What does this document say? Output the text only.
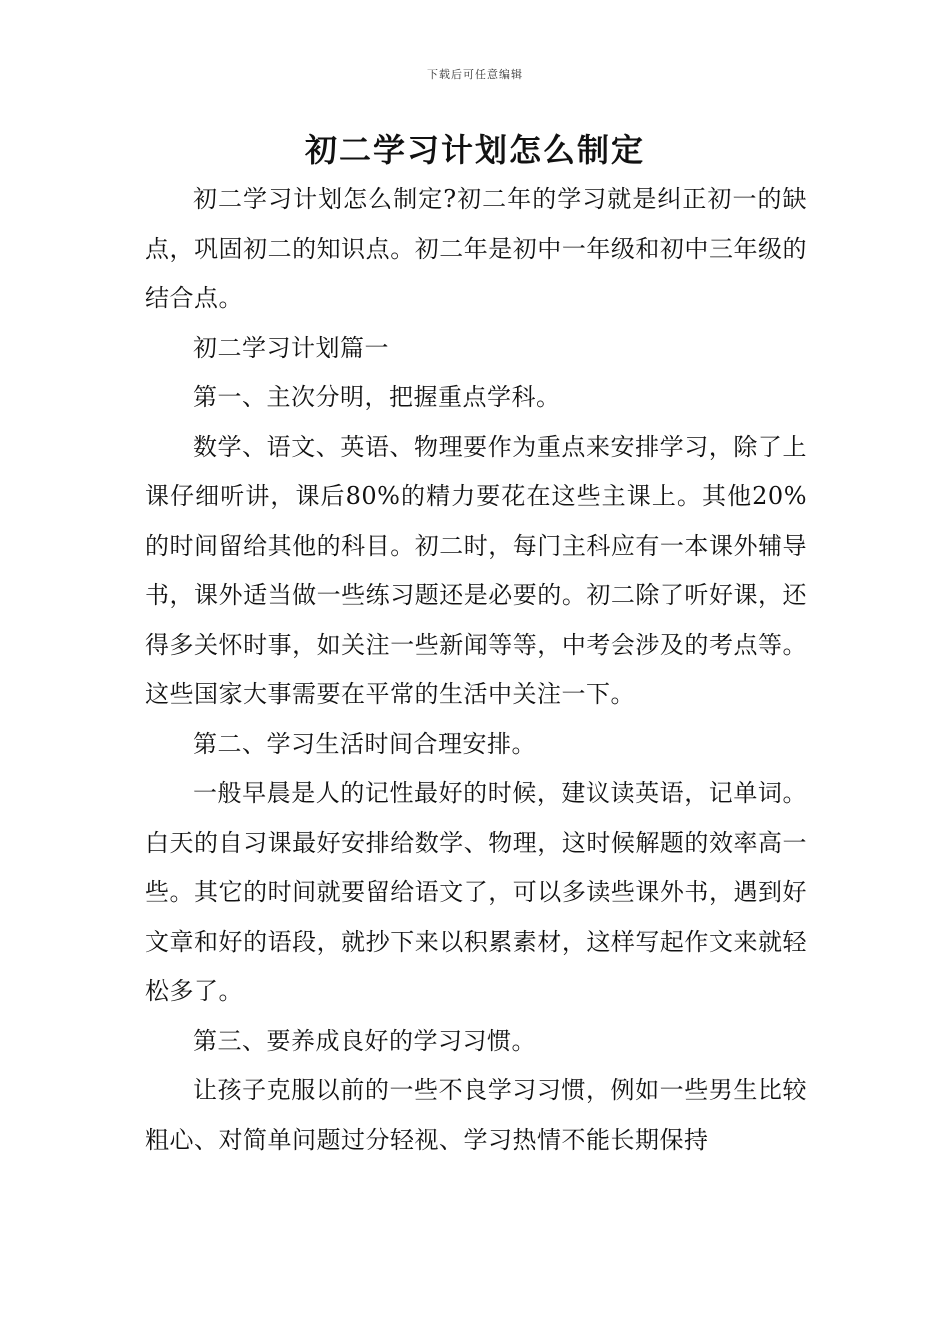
下载后可任意编辑
初二学习计划怎么制定

初二学习计划怎么制定?初二年的学习就是纠正初一的缺点，巩固初二的知识点。初二年是初中一年级和初中三年级的结合点。

初二学习计划篇一

第一、主次分明，把握重点学科。

数学、语文、英语、物理要作为重点来安排学习，除了上课仔细听讲，课后80%的精力要花在这些主课上。其他20%的时间留给其他的科目。初二时，每门主科应有一本课外辅导书，课外适当做一些练习题还是必要的。初二除了听好课，还得多关怀时事，如关注一些新闻等等，中考会涉及的考点等。这些国家大事需要在平常的生活中关注一下。

第二、学习生活时间合理安排。

一般早晨是人的记性最好的时候，建议读英语，记单词。白天的自习课最好安排给数学、物理，这时候解题的效率高一些。其它的时间就要留给语文了，可以多读些课外书，遇到好文章和好的语段，就抄下来以积累素材，这样写起作文来就轻松多了。

第三、要养成良好的学习习惯。

让孩子克服以前的一些不良学习习惯，例如一些男生比较粗心、对简单问题过分轻视、学习热情不能长期保持
